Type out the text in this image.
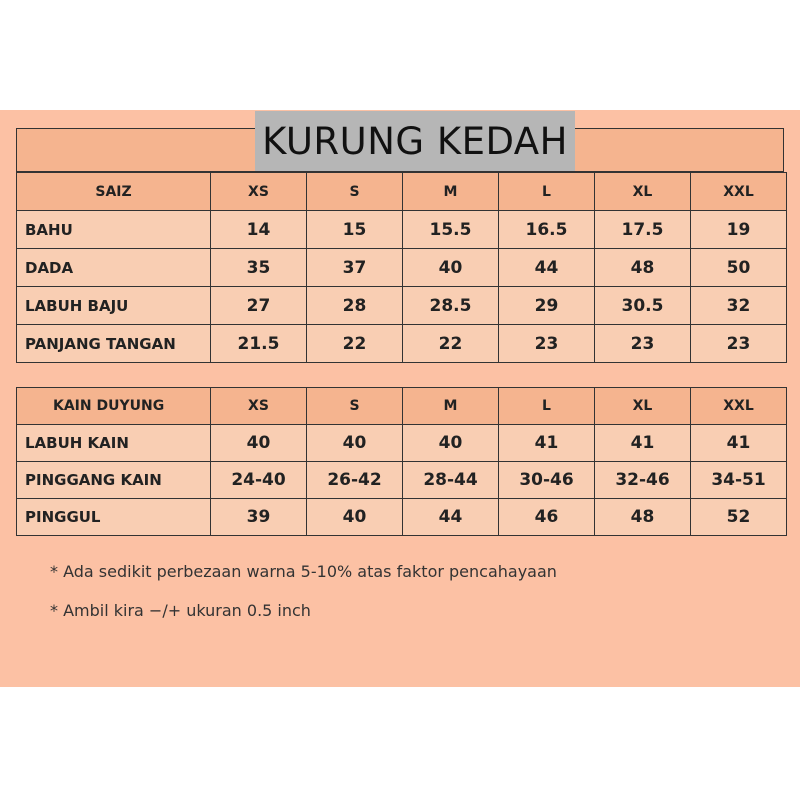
KURUNG KEDAH
SAIZ	XS	S	M	L	XL	XXL
BAHU	14	15	15.5	16.5	17.5	19
DADA	35	37	40	44	48	50
LABUH BAJU	27	28	28.5	29	30.5	32
PANJANG TANGAN	21.5	22	22	23	23	23
KAIN DUYUNG	XS	S	M	L	XL	XXL
LABUH KAIN	40	40	40	41	41	41
PINGGANG KAIN	24-40	26-42	28-44	30-46	32-46	34-51
PINGGUL	39	40	44	46	48	52
* Ada sedikit perbezaan warna 5-10% atas faktor pencahayaan
* Ambil kira −/+ ukuran 0.5 inch
